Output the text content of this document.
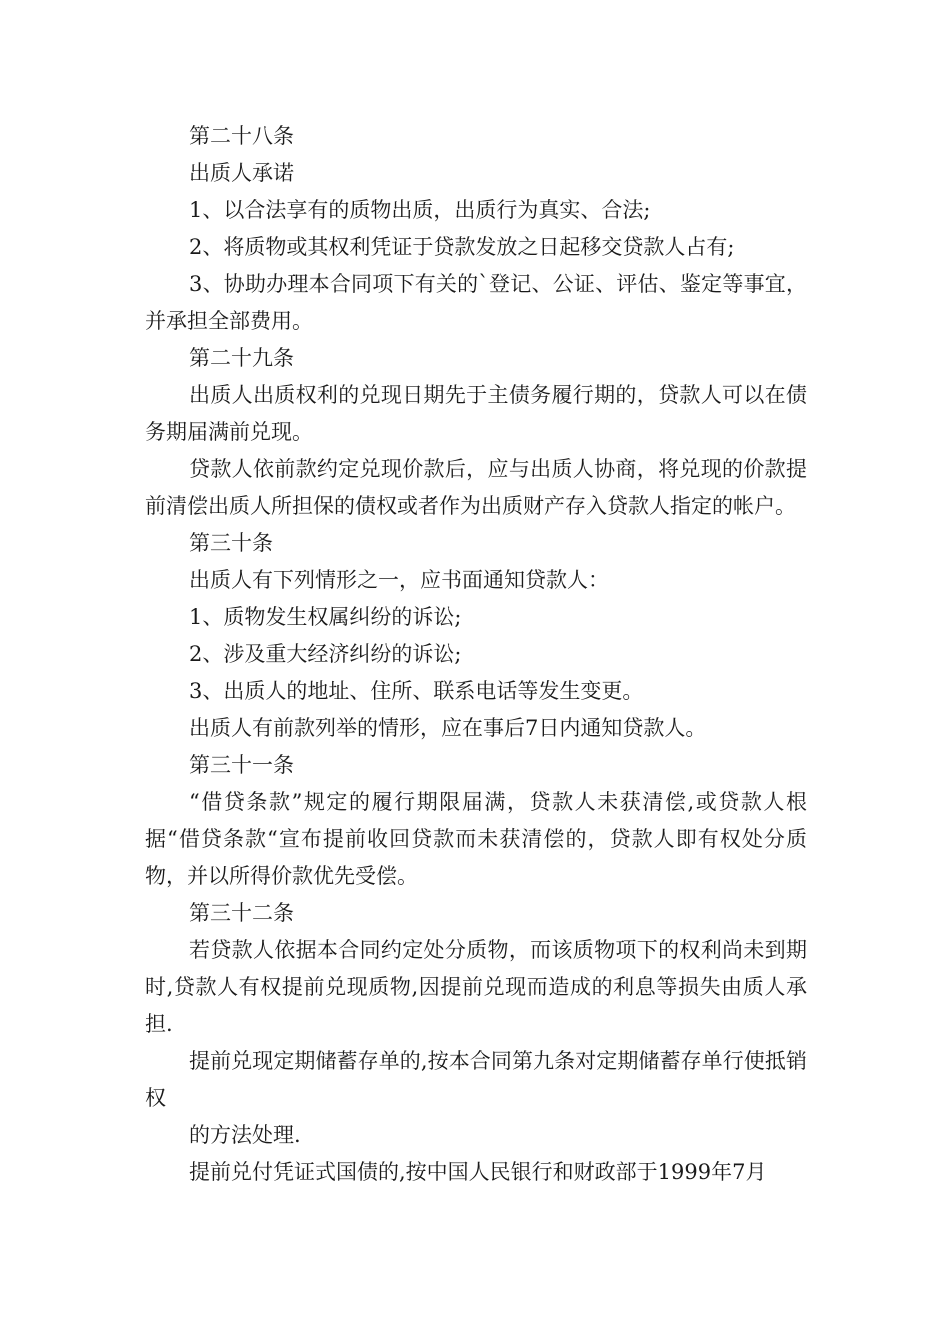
第二十八条

出质人承诺

1、以合法享有的质物出质，出质行为真实、合法;

2、将质物或其权利凭证于贷款发放之日起移交贷款人占有;

3、协助办理本合同项下有关的`登记、公证、评估、鉴定等事宜，并承担全部费用。

第二十九条

出质人出质权利的兑现日期先于主债务履行期的，贷款人可以在债务期届满前兑现。

贷款人依前款约定兑现价款后，应与出质人协商，将兑现的价款提前清偿出质人所担保的债权或者作为出质财产存入贷款人指定的帐户。

第三十条

出质人有下列情形之一，应书面通知贷款人：

1、质物发生权属纠纷的诉讼;

2、涉及重大经济纠纷的诉讼;

3、出质人的地址、住所、联系电话等发生变更。

出质人有前款列举的情形，应在事后7日内通知贷款人。

第三十一条

“借贷条款”规定的履行期限届满，贷款人未获清偿,或贷款人根据“借贷条款“宣布提前收回贷款而未获清偿的，贷款人即有权处分质物，并以所得价款优先受偿。

第三十二条

若贷款人依据本合同约定处分质物，而该质物项下的权利尚未到期时,贷款人有权提前兑现质物,因提前兑现而造成的利息等损失由质人承担.

提前兑现定期储蓄存单的,按本合同第九条对定期储蓄存单行使抵销权

的方法处理.

提前兑付凭证式国债的,按中国人民银行和财政部于1999年7月
